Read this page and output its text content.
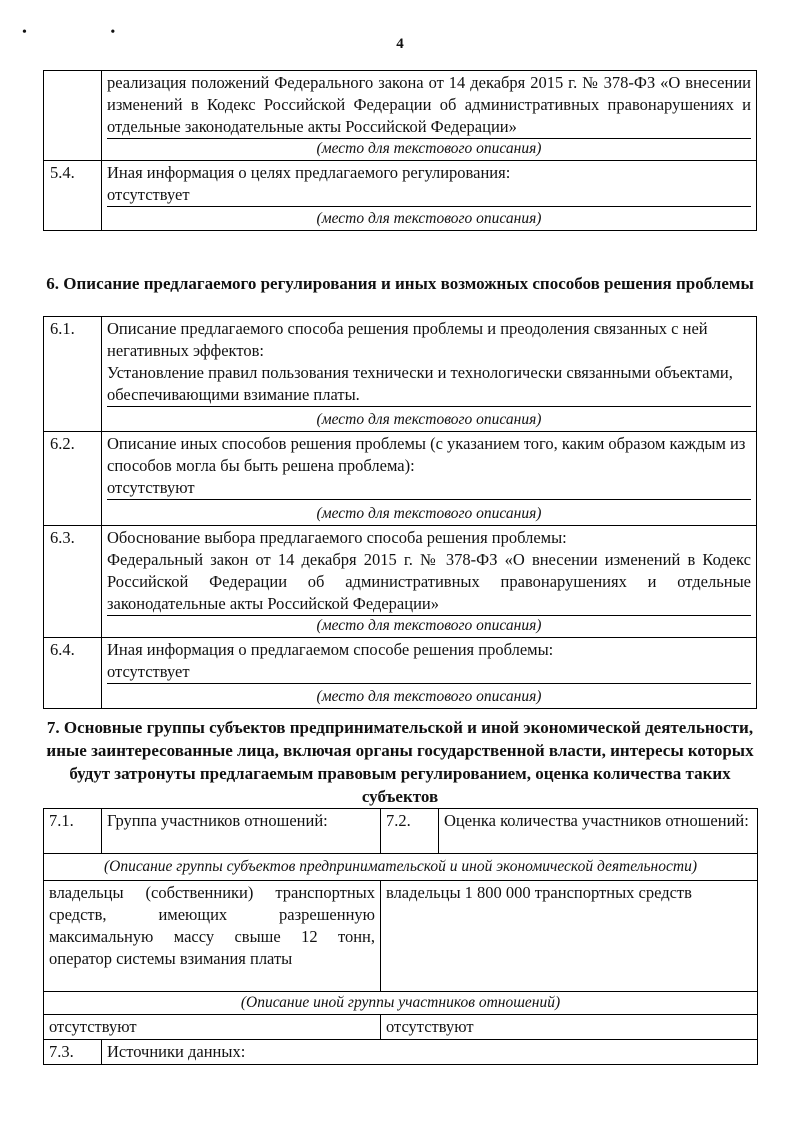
• •
4

	реализация положений Федерального закона от 14 декабря 2015 г. № 378-ФЗ «О внесении изменений в Кодекс Российской Федерации об административных правонарушениях и отдельные законодательные акты Российской Федерации»
(место для текстового описания)

5.4.	Иная информация о целях предлагаемого регулирования:
отсутствует
(место для текстового описания)
6. Описание предлагаемого регулирования и иных возможных способов решения проблемы
6.1.	Описание предлагаемого способа решения проблемы и преодоления связанных с ней негативных эффектов:
Установление правил пользования технически и технологически связанными объектами, обеспечивающими взимание платы.
(место для текстового описания)

6.2.	Описание иных способов решения проблемы (с указанием того, каким образом каждым из способов могла бы быть решена проблема):
отсутствуют
(место для текстового описания)

6.3.	Обоснование выбора предлагаемого способа решения проблемы:
Федеральный закон от 14 декабря 2015 г. № 378-ФЗ «О внесении изменений в Кодекс Российской Федерации об административных правонарушениях и отдельные законодательные акты Российской Федерации»
(место для текстового описания)

6.4.	Иная информация о предлагаемом способе решения проблемы:
отсутствует
(место для текстового описания)
7. Основные группы субъектов предпринимательской и иной экономической деятельности, иные заинтересованные лица, включая органы государственной власти, интересы которых будут затронуты предлагаемым правовым регулированием, оценка количества таких субъектов
7.1.	Группа участников отношений:	7.2.	Оценка количества участников отношений:
(Описание группы субъектов предпринимательской и иной экономической деятельности)			
владельцы (собственники) транспортных средств, имеющих разрешенную максимальную массу свыше 12 тонн, оператор системы взимания платы		владельцы 1 800 000 транспортных средств	
(Описание иной группы участников отношений)			
отсутствуют		отсутствуют	
7.3.	Источники данных:		
